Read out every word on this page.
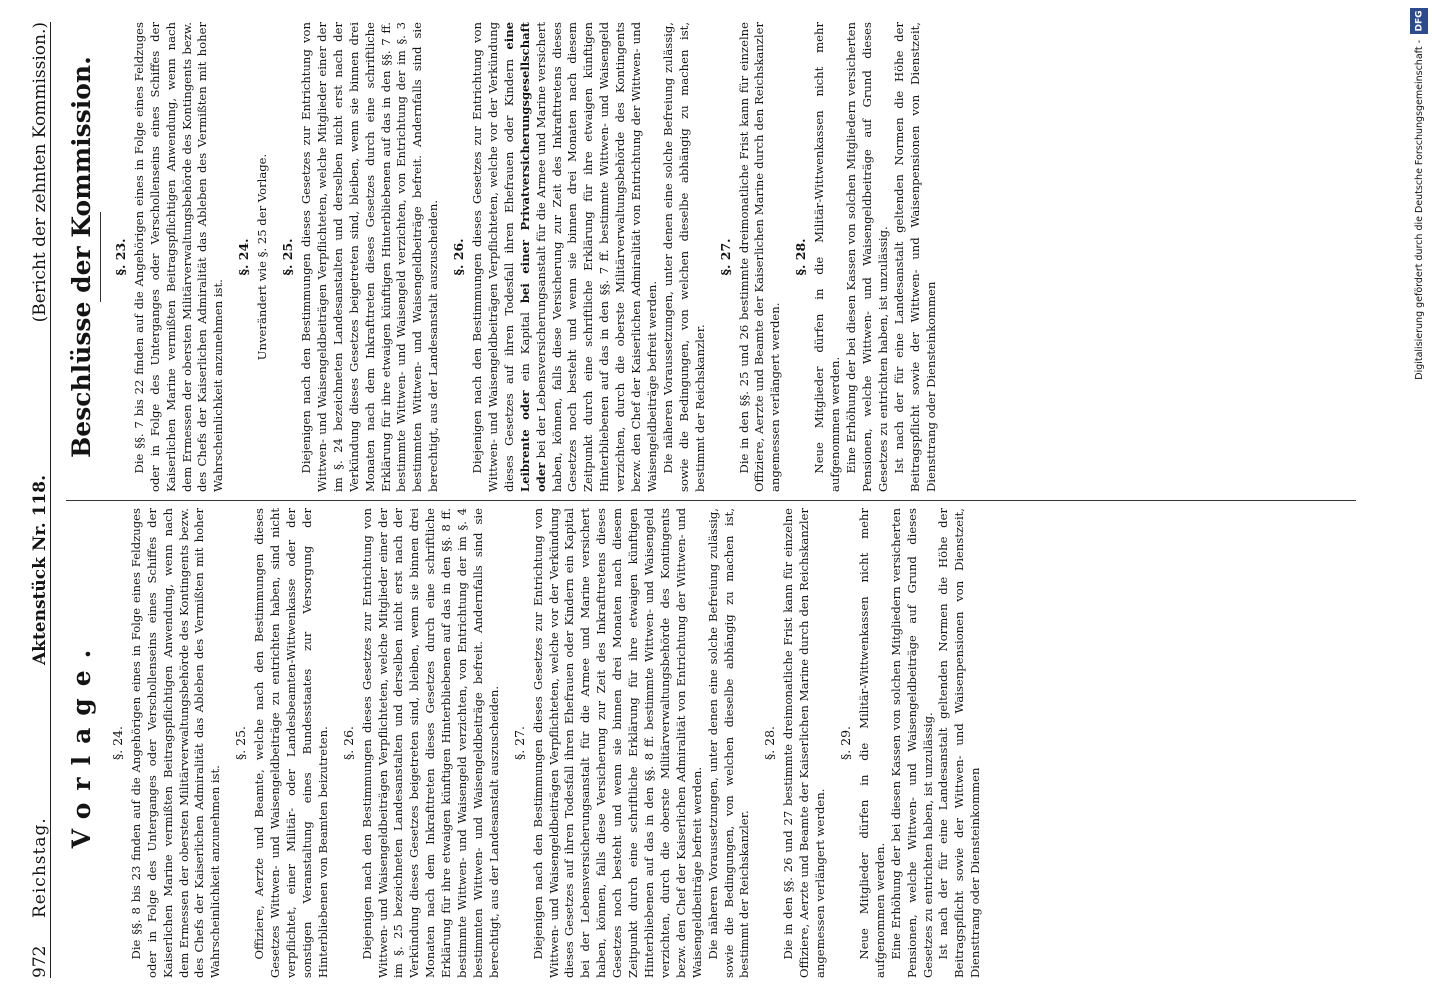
972
Reichstag.
Aktenstück Nr. 118.
(Bericht der zehnten Kommission.)
Vorlage. §. 24. Die §§. 8 bis 23 finden auf die Angehörigen eines in Folge eines Feldzuges oder in Folge des Unterganges oder Verschollenseins eines Schiffes der Kaiserlichen Marine vermißten Beitragspflichtigen Anwendung, wenn nach dem Ermessen der obersten Militärverwaltungsbehörde des Kontingents bezw. des Chefs der Kaiserlichen Admiralität das Ableben des Vermißten mit hoher Wahrscheinlichkeit anzunehmen ist.

§. 25. Offiziere, Aerzte und Beamte, welche nach den Bestimmungen dieses Gesetzes Wittwen- und Waisengeldbeiträge zu entrichten haben, sind nicht verpflichtet, einer Militär- oder Landesbeamten-Wittwenkasse oder der sonstigen Veranstaltung eines Bundesstaates zur Versorgung der Hinterbliebenen von Beamten beizutreten. §. 26. Diejenigen nach den Bestimmungen dieses Gesetzes zur Entrichtung von Wittwen- und Waisengeldbeiträgen Verpflichteten, welche Mitglieder einer der im §. 25 bezeichneten Landesanstalten und derselben nicht erst nach der Verkündung dieses Gesetzes beigetreten sind, bleiben, wenn sie binnen drei Monaten nach dem Inkrafttreten dieses Gesetzes durch eine schriftliche Erklärung für ihre etwaigen künftigen Hinterbliebenen auf das in den §§. 8 ff. bestimmte Wittwen- und Waisengeld verzichten, von Entrichtung der im §. 4 bestimmten Wittwen- und Waisengeldbeiträge befreit. Andernfalls sind sie berechtigt, aus der Landesanstalt auszuscheiden. §. 27. Diejenigen nach den Bestimmungen dieses Gesetzes zur Entrichtung von Wittwen- und Waisengeldbeiträgen Verpflichteten, welche vor der Verkündung dieses Gesetzes auf ihren Todesfall ihren Ehefrauen oder Kindern ein Kapital bei der Lebensversicherungsanstalt für die Armee und Marine versichert haben, können, falls diese Versicherung zur Zeit des Inkrafttretens dieses Gesetzes noch besteht und wenn sie binnen drei Monaten nach diesem Zeitpunkt durch eine schriftliche Erklärung für ihre etwaigen künftigen Hinterbliebenen auf das in den §§. 8 ff. bestimmte Wittwen- und Waisengeld verzichten, durch die oberste Militärverwaltungsbehörde des Kontingents bezw. den Chef der Kaiserlichen Admiralität von Entrichtung der Wittwen- und Waisengeldbeiträge befreit werden. Die näheren Voraussetzungen, unter denen eine solche Befreiung zulässig, sowie die Bedingungen, von welchen dieselbe abhängig zu machen ist, bestimmt der Reichskanzler.

§. 28. Die in den §§. 26 und 27 bestimmte dreimonatliche Frist kann für einzelne Offiziere, Aerzte und Beamte der Kaiserlichen Marine durch den Reichskanzler angemessen verlängert werden.

§. 29. Neue Mitglieder dürfen in die Militär-Wittwenkassen nicht mehr aufgenommen werden. Eine Erhöhung der bei diesen Kassen von solchen Mitgliedern versicherten Pensionen, welche Wittwen- und Waisengeldbeiträge auf Grund dieses Gesetzes zu entrichten haben, ist unzulässig. Ist nach der für eine Landesanstalt geltenden Normen die Höhe der Beitragspflicht sowie der Wittwen- und Waisenpensionen von Dienstzeit, Diensttrang oder Diensteinkommen

Beschlüsse der Kommission. §. 23. Die §§. 7 bis 22 finden auf die Angehörigen eines in Folge eines Feldzuges oder in Folge des Unterganges oder Verschollenseins eines Schiffes der Kaiserlichen Marine vermißten Beitragspflichtigen Anwendung, wenn nach dem Ermessen der obersten Militärverwaltungsbehörde des Kontingents bezw. des Chefs der Kaiserlichen Admiralität das Ableben des Vermißten mit hoher Wahrscheinlichkeit anzunehmen ist.

§. 24. Unverändert wie §. 25 der Vorlage. §. 25. Diejenigen nach den Bestimmungen dieses Gesetzes zur Entrichtung von Wittwen- und Waisengeldbeiträgen Verpflichteten, welche Mitglieder einer der im §. 24 bezeichneten Landesanstalten und derselben nicht erst nach der Verkündung dieses Gesetzes beigetreten sind, bleiben, wenn sie binnen drei Monaten nach dem Inkrafttreten dieses Gesetzes durch eine schriftliche Erklärung für ihre etwaigen künftigen Hinterbliebenen auf das in den §§. 7 ff. bestimmte Wittwen- und Waisengeld verzichten, von Entrichtung der im §. 3 bestimmten Wittwen- und Waisengeldbeiträge befreit. Andernfalls sind sie berechtigt, aus der Landesanstalt auszuscheiden. §. 26. Diejenigen nach den Bestimmungen dieses Gesetzes zur Entrichtung von Wittwen- und Waisengeldbeiträgen Verpflichteten, welche vor der Verkündung dieses Gesetzes auf ihren Todesfall ihren Ehefrauen oder Kindern eine Leibrente oder ein Kapital bei einer Privatversicherungsgesellschaft oder bei der Lebensversicherungsanstalt für die Armee und Marine versichert haben, können, falls diese Versicherung zur Zeit des Inkrafttretens dieses Gesetzes noch besteht und wenn sie binnen drei Monaten nach diesem Zeitpunkt durch eine schriftliche Erklärung für ihre etwaigen künftigen Hinterbliebenen auf das in den §§. 7 ff. bestimmte Wittwen- und Waisengeld verzichten, durch die oberste Militärverwaltungsbehörde des Kontingents bezw. den Chef der Kaiserlichen Admiralität von Entrichtung der Wittwen- und Waisengeldbeiträge befreit werden. Die näheren Voraussetzungen, unter denen eine solche Befreiung zulässig, sowie die Bedingungen, von welchen dieselbe abhängig zu machen ist, bestimmt der Reichskanzler.

§. 27. Die in den §§. 25 und 26 bestimmte dreimonatliche Frist kann für einzelne Offiziere, Aerzte und Beamte der Kaiserlichen Marine durch den Reichskanzler angemessen verlängert werden.

§. 28. Neue Mitglieder dürfen in die Militär-Wittwenkassen nicht mehr aufgenommen werden. Eine Erhöhung der bei diesen Kassen von solchen Mitgliedern versicherten Pensionen, welche Wittwen- und Waisengeldbeiträge auf Grund dieses Gesetzes zu entrichten haben, ist unzulässig. Ist nach der für eine Landesanstalt geltenden Normen die Höhe der Beitragspflicht sowie der Wittwen- und Waisenpensionen von Dienstzeit, Diensttrang oder Diensteinkommen

DFG
Digitalisierung gefördert durch die Deutsche Forschungsgemeinschaft -
